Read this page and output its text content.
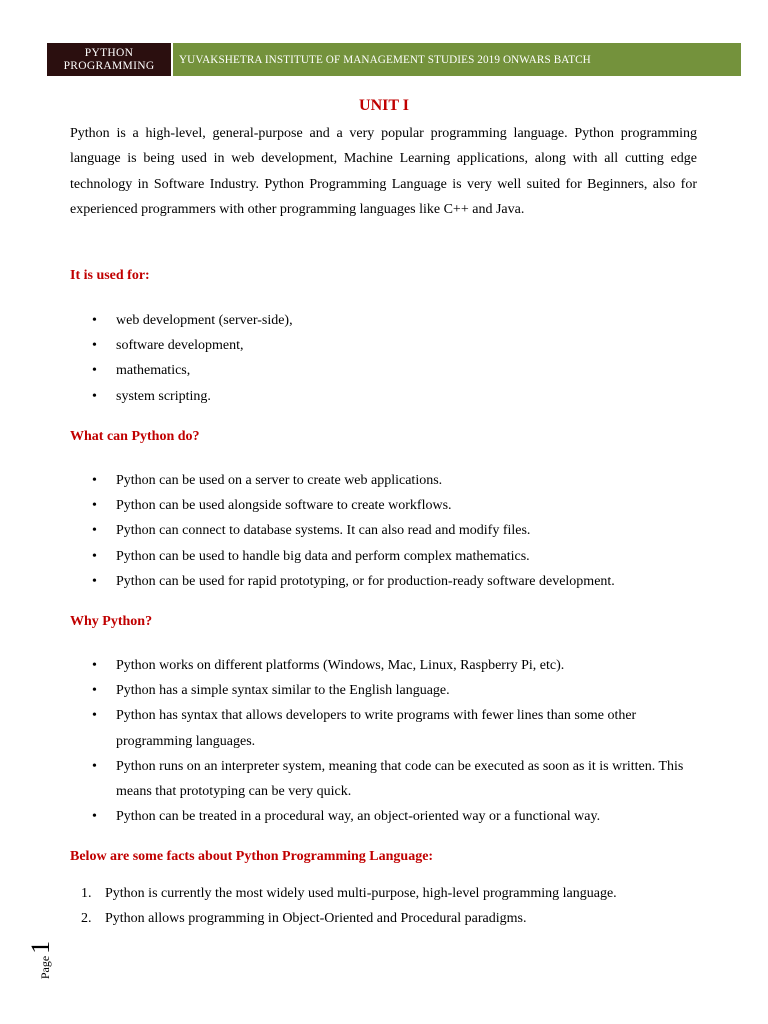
PYTHON
PROGRAMMING	YUVAKSHETRA INSTITUTE OF MANAGEMENT STUDIES 2019 ONWARS BATCH
UNIT I

Python is a high-level, general-purpose and a very popular programming language. Python programming language is being used in web development, Machine Learning applications, along with all cutting edge technology in Software Industry. Python Programming Language is very well suited for Beginners, also for experienced programmers with other programming languages like C++ and Java.

It is used for:
• web development (server-side),
• software development,
• mathematics,
• system scripting.
What can Python do?
• Python can be used on a server to create web applications.
• Python can be used alongside software to create workflows.
• Python can connect to database systems. It can also read and modify files.
• Python can be used to handle big data and perform complex mathematics.
• Python can be used for rapid prototyping, or for production-ready software development.
Why Python?
• Python works on different platforms (Windows, Mac, Linux, Raspberry Pi, etc).
• Python has a simple syntax similar to the English language.
• Python has syntax that allows developers to write programs with fewer lines than some other programming languages.
• Python runs on an interpreter system, meaning that code can be executed as soon as it is written. This means that prototyping can be very quick.
• Python can be treated in a procedural way, an object-oriented way or a functional way.
Below are some facts about Python Programming Language:
1. Python is currently the most widely used multi-purpose, high-level programming language.
2. Python allows programming in Object-Oriented and Procedural paradigms.
Page
1
